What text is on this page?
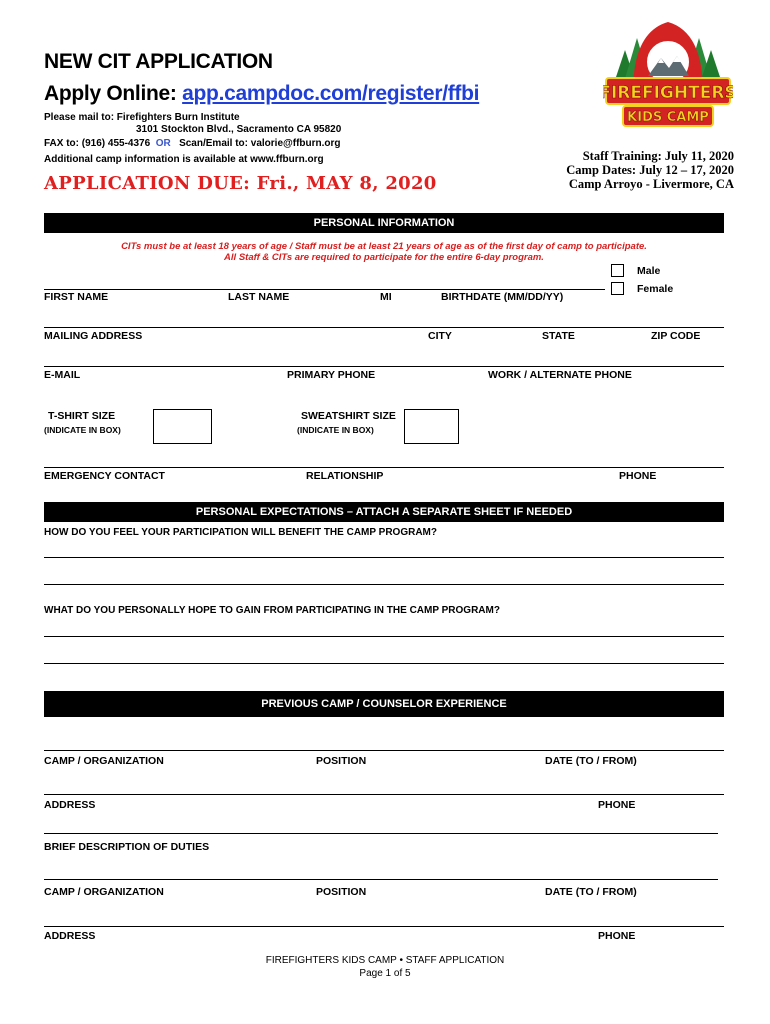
NEW CIT APPLICATION
Apply Online: app.campdoc.com/register/ffbi
Please mail to: Firefighters Burn Institute
3101 Stockton Blvd., Sacramento CA 95820
FAX to: (916) 455-4376 OR Scan/Email to: valorie@ffburn.org
Additional camp information is available at www.ffburn.org
APPLICATION DUE: Fri., MAY 8, 2020
FIREFIGHTERS
KIDS CAMP
Staff Training: July 11, 2020
Camp Dates: July 12 – 17, 2020
Camp Arroyo - Livermore, CA
PERSONAL INFORMATION
CITs must be at least 18 years of age / Staff must be at least 21 years of age as of the first day of camp to participate.
All Staff & CITs are required to participate for the entire 6-day program.
Male
Female
FIRST NAME	LAST NAME	MI	BIRTHDATE (MM/DD/YY)
MAILING ADDRESS	CITY	STATE	ZIP CODE
E-MAIL	PRIMARY PHONE	WORK / ALTERNATE PHONE
T-SHIRT SIZE
(INDICATE IN BOX)
SWEATSHIRT SIZE
(INDICATE IN BOX)
EMERGENCY CONTACT	RELATIONSHIP	PHONE
PERSONAL EXPECTATIONS – ATTACH A SEPARATE SHEET IF NEEDED
HOW DO YOU FEEL YOUR PARTICIPATION WILL BENEFIT THE CAMP PROGRAM?
WHAT DO YOU PERSONALLY HOPE TO GAIN FROM PARTICIPATING IN THE CAMP PROGRAM?
PREVIOUS CAMP / COUNSELOR EXPERIENCE
CAMP / ORGANIZATION	POSITION	DATE (TO / FROM)
ADDRESS	PHONE
BRIEF DESCRIPTION OF DUTIES
CAMP / ORGANIZATION	POSITION	DATE (TO / FROM)
ADDRESS	PHONE
FIREFIGHTERS KIDS CAMP • STAFF APPLICATION
Page 1 of 5
